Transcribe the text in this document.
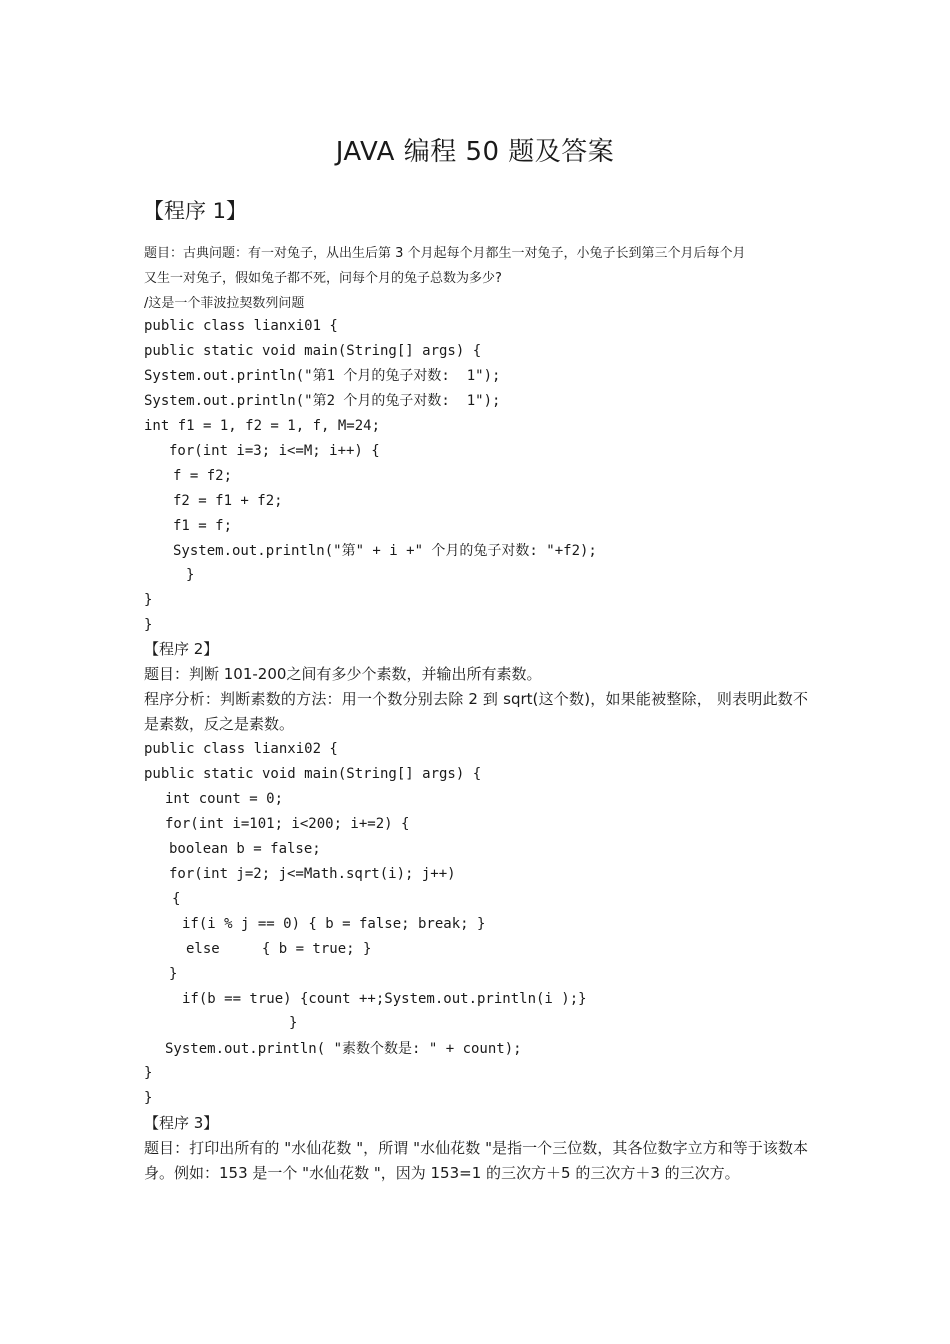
JAVA 编程 50 题及答案
【程序 1】
题目：古典问题：有一对兔子，从出生后第 3 个月起每个月都生一对兔子，小兔子长到第三个月后每个月
又生一对兔子，假如兔子都不死，问每个月的兔子总数为多少?
/这是一个菲波拉契数列问题
public class lianxi01 {
public static void main(String[] args) {
System.out.println("第1 个月的兔子对数:  1");
System.out.println("第2 个月的兔子对数:  1");
int f1 = 1, f2 = 1, f, M=24;
for(int i=3; i<=M; i++) {
f = f2;
f2 = f1 + f2;
f1 = f;
System.out.println("第" + i +" 个月的兔子对数: "+f2);
}
}
}
【程序 2】
题目：判断 101-200之间有多少个素数，并输出所有素数。
程序分析：判断素数的方法：用一个数分别去除 2 到 sqrt(这个数)，如果能被整除， 则表明此数不是素数，反之是素数。
public class lianxi02 {
public static void main(String[] args) {
int count = 0;
for(int i=101; i<200; i+=2) {
boolean b = false;
for(int j=2; j<=Math.sqrt(i); j++)
{
if(i % j == 0) { b = false; break; }
else     { b = true; }
}
if(b == true) {count ++;System.out.println(i );}
}
System.out.println( "素数个数是: " + count);
}
}
【程序 3】
题目：打印出所有的 "水仙花数 "，所谓 "水仙花数 "是指一个三位数，其各位数字立方和等于该数本身。例如：153 是一个 "水仙花数 "，因为 153=1 的三次方＋5 的三次方＋3 的三次方。
